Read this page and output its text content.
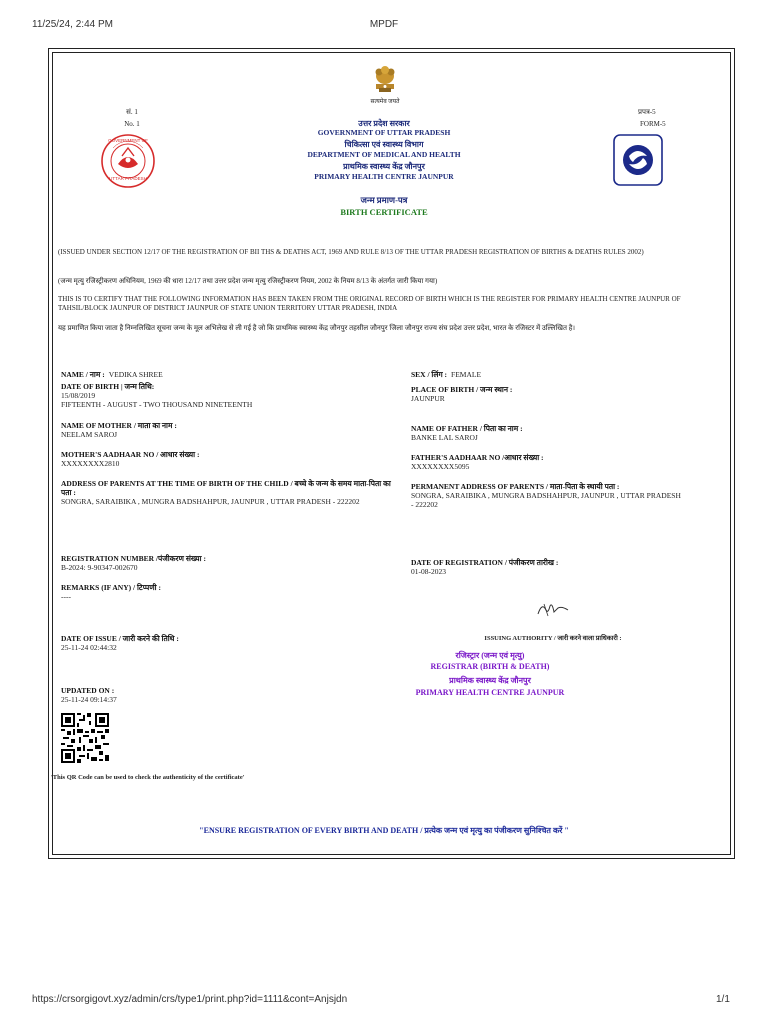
11/25/24, 2:44 PM	MPDF
सत्यमेव जयते
सं. 1
No. 1
GOVERNMENT OF
UTTAR PRADESH
प्रपत्र-5
FORM-5
उत्तर प्रदेश सरकार
GOVERNMENT OF UTTAR PRADESH
चिकित्सा एवं स्वास्थ्य विभाग
DEPARTMENT OF MEDICAL AND HEALTH
प्राथमिक स्वास्थ्य केंद्र जौनपुर
PRIMARY HEALTH CENTRE JAUNPUR
जन्म प्रमाण-पत्र
BIRTH CERTIFICATE
(ISSUED UNDER SECTION 12/17 OF THE REGISTRATION OF BII THS & DEATHS ACT, 1969 AND RULE 8/13 OF THE UTTAR PRADESH REGISTRATION OF BIRTHS & DEATHS RULES 2002)
(जन्म मृत्यु रजिस्ट्रीकरण अधिनियम, 1969 की धारा 12/17 तथा उत्तर प्रदेश जन्म मृत्यु रजिस्ट्रीकरण नियम, 2002 के नियम 8/13 के अंतर्गत जारी किया गया)
THIS IS TO CERTIFY THAT THE FOLLOWING INFORMATION HAS BEEN TAKEN FROM THE ORIGINAL RECORD OF BIRTH WHICH IS THE REGISTER FOR PRIMARY HEALTH CENTRE JAUNPUR OF TAHSIL/BLOCK JAUNPUR OF DISTRICT JAUNPUR OF STATE UNION TERRITORY UTTAR PRADESH, INDIA
यह प्रमाणित किया जाता है निम्नलिखित सूचना जन्म के मूल अभिलेख से ली गई है जो कि प्राथमिक स्वास्थ्य केंद्र जौनपुर तहसील जौनपुर जिला जौनपुर राज्य संघ प्रदेश उत्तर प्रदेश, भारत के रजिस्टर में उल्लिखित है।
NAME / नाम : VEDIKA SHREE	SEX / लिंग : FEMALE
DATE OF BIRTH | जन्म तिथि:
15/08/2019
FIFTEENTH - AUGUST - TWO THOUSAND NINETEENTH
PLACE OF BIRTH / जन्म स्थान :
JAUNPUR
NAME OF MOTHER / माता का नाम :
NEELAM SAROJ
NAME OF FATHER / पिता का नाम :
BANKE LAL SAROJ
MOTHER'S AADHAAR NO / आधार संख्या :
XXXXXXXX2810
FATHER'S AADHAAR NO /आधार संख्या :
XXXXXXXX5095
ADDRESS OF PARENTS AT THE TIME OF BIRTH OF THE CHILD / बच्चे के जन्म के समय माता-पिता का पता :
SONGRA, SARAIBIKA , MUNGRA BADSHAHPUR, JAUNPUR , UTTAR PRADESH - 222202
PERMANENT ADDRESS OF PARENTS / माता-पिता के स्थायी पता :
SONGRA, SARAIBIKA , MUNGRA BADSHAHPUR, JAUNPUR , UTTAR PRADESH - 222202
REGISTRATION NUMBER /पंजीकरण संख्या :
B-2024: 9-90347-002670
DATE OF REGISTRATION / पंजीकरण तारीख :
01-08-2023
REMARKS (IF ANY) / टिप्पणी :
----
ISSUING AUTHORITY / जारी करने वाला प्राधिकारी :
DATE OF ISSUE / जारी करने की तिथि :
25-11-24 02:44:32
रजिस्ट्रार (जन्म एवं मृत्यु)
REGISTRAR (BIRTH & DEATH)
प्राथमिक स्वास्थ्य केंद्र जौनपुर
PRIMARY HEALTH CENTRE JAUNPUR
UPDATED ON :
25-11-24 09:14:37
'This QR Code can be used to check the authenticity of the certificate'
"ENSURE REGISTRATION OF EVERY BIRTH AND DEATH / प्रत्येक जन्म एवं मृत्यु का पंजीकरण सुनिश्चित करें "
https://crsorgigovt.xyz/admin/crs/type1/print.php?id=1111&cont=Anjsjdn	1/1
